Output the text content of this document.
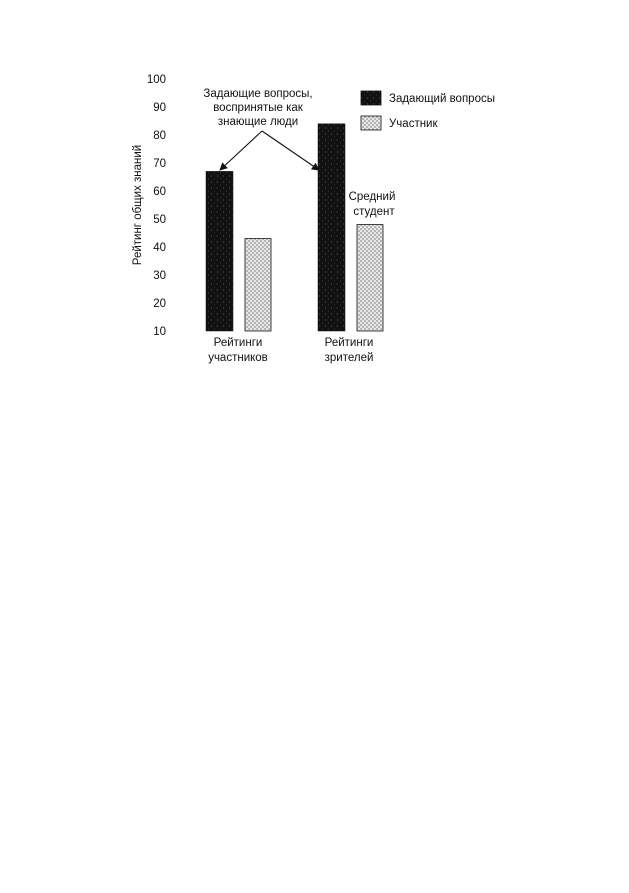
10
20
30
40
50
60
70
80
90
100
Рейтинг общих знаний
Рейтинги
участников
Рейтинги
зрителей
Задающий вопросы
Участник
Задающие вопросы,
воспринятые как
знающие люди
Средний
студент
